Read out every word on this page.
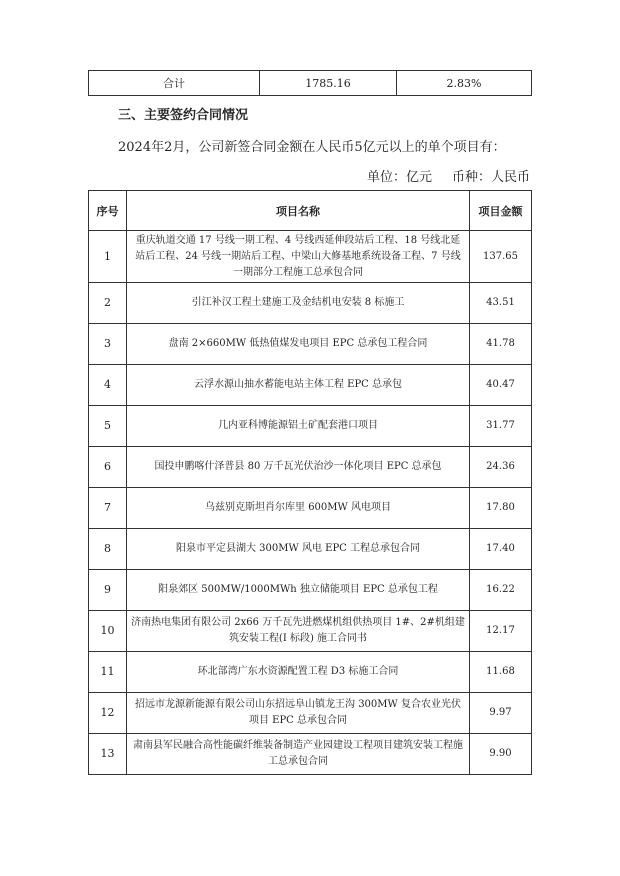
合计	1785.16	2.83%
三、主要签约合同情况
2024年2月，公司新签合同金额在人民币5亿元以上的单个项目有：
单位：亿元 币种：人民币
序号	项目名称	项目金额
1	重庆轨道交通 17 号线一期工程、4 号线西延伸段站后工程、18 号线北延站后工程、24 号线一期站后工程、中梁山大修基地系统设备工程、7 号线一期部分工程施工总承包合同	137.65
2	引江补汉工程土建施工及金结机电安装 8 标施工	43.51
3	盘南 2×660MW 低热值煤发电项目 EPC 总承包工程合同	41.78
4	云浮水源山抽水蓄能电站主体工程 EPC 总承包	40.47
5	几内亚科博能源铝土矿配套港口项目	31.77
6	国投申鹏喀什泽普县 80 万千瓦光伏治沙一体化项目 EPC 总承包	24.36
7	乌兹别克斯坦肖尔库里 600MW 风电项目	17.80
8	阳泉市平定县湖大 300MW 风电 EPC 工程总承包合同	17.40
9	阳泉郊区 500MW/1000MWh 独立储能项目 EPC 总承包工程	16.22
10	济南热电集团有限公司 2x66 万千瓦先进燃煤机组供热项目 1#、2#机组建筑安装工程(I 标段) 施工合同书	12.17
11	环北部湾广东水资源配置工程 D3 标施工合同	11.68
12	招远市龙源新能源有限公司山东招远阜山镇龙王沟 300MW 复合农业光伏项目 EPC 总承包合同	9.97
13	肃南县军民融合高性能碳纤维装备制造产业园建设工程项目建筑安装工程施工总承包合同	9.90
